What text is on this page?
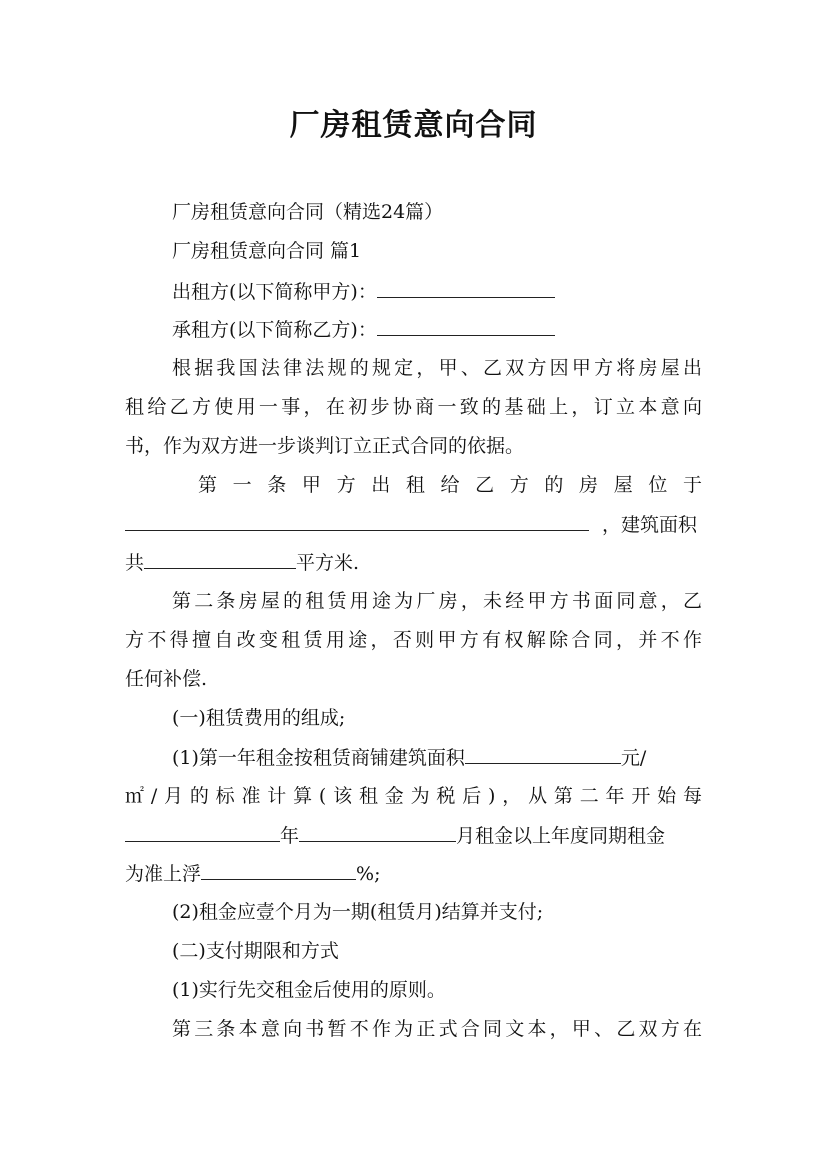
厂房租赁意向合同
厂房租赁意向合同（精选24篇）
厂房租赁意向合同 篇1
出租方(以下简称甲方)：
承租方(以下简称乙方)：
根据我国法律法规的规定，甲、乙双方因甲方将房屋出
租给乙方使用一事，在初步协商一致的基础上，订立本意向
书，作为双方进一步谈判订立正式合同的依据。
第一条甲方出租给乙方的房屋位于
，建筑面积
共	平方米.
第二条房屋的租赁用途为厂房，未经甲方书面同意，乙
方不得擅自改变租赁用途，否则甲方有权解除合同，并不作
任何补偿.
(一)租赁费用的组成;
(1)第一年租金按租赁商铺建筑面积	元/
㎡/月的标准计算(该租金为税后)，从第二年开始每
年	月租金以上年度同期租金
为准上浮	%;
(2)租金应壹个月为一期(租赁月)结算并支付;
(二)支付期限和方式
(1)实行先交租金后使用的原则。
第三条本意向书暂不作为正式合同文本，甲、乙双方在
